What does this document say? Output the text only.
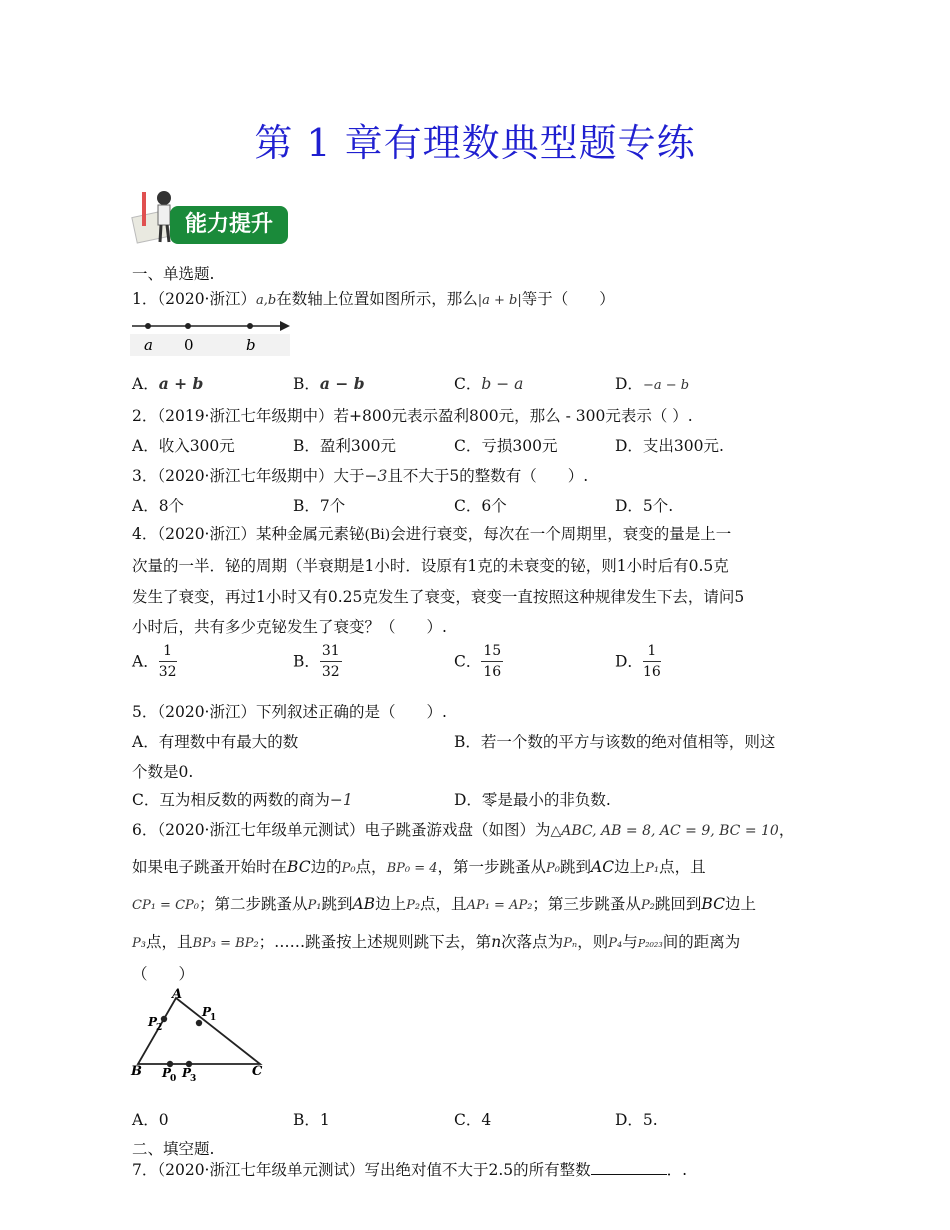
第 1 章有理数典型题专练
能力提升
一、单选题.
1．（2020·浙江）a,b在数轴上位置如图所示，那么|a + b|等于（　　）
a 0	b
A．a + b	B．a − b	C．b − a	D．−a − b
2．（2019·浙江七年级期中）若+800元表示盈利800元，那么 - 300元表示（ ）.
A．收入300元	B．盈利300元	C．亏损300元	D．支出300元.
3．（2020·浙江七年级期中）大于−3且不大于5的整数有（　　）.
A．8个	B．7个	C．6个	D．5个.
4．（2020·浙江）某种金属元素铋(Bi)会进行衰变，每次在一个周期里，衰变的量是上一
次量的一半．铋的周期（半衰期是1小时．设原有1克的未衰变的铋，则1小时后有0.5克
发生了衰变，再过1小时又有0.25克发生了衰变，衰变一直按照这种规律发生下去，请问5
小时后，共有多少克铋发生了衰变？（　　）.
A． $\frac{1}{32}$	B． $\frac{31}{32}$	C． $\frac{15}{16}$	D． $\frac{1}{16}$
5．（2020·浙江）下列叙述正确的是（　　）.
A．有理数中有最大的数	B．若一个数的平方与该数的绝对值相等，则这
个数是0.
C．互为相反数的两数的商为−1	D．零是最小的非负数.
6．（2020·浙江七年级单元测试）电子跳蚤游戏盘（如图）为△ABC, AB = 8, AC = 9, BC = 10，
如果电子跳蚤开始时在BC边的P₀点，BP₀ = 4，第一步跳蚤从P₀跳到AC边上P₁点，且
CP₁ = CP₀；第二步跳蚤从P₁跳到AB边上P₂点，且AP₁ = AP₂；第三步跳蚤从P₂跳回到BC边上
P₃点，且BP₃ = BP₂；……跳蚤按上述规则跳下去，第n次落点为Pₙ，则P₄与P₂₀₂₃间的距离为
（　　）
A
B	C
P
1
P
2
P
0 P
3
A．0	B．1	C．4	D．5.
二、填空题.
7．（2020·浙江七年级单元测试）写出绝对值不大于2.5的所有整数	．.
